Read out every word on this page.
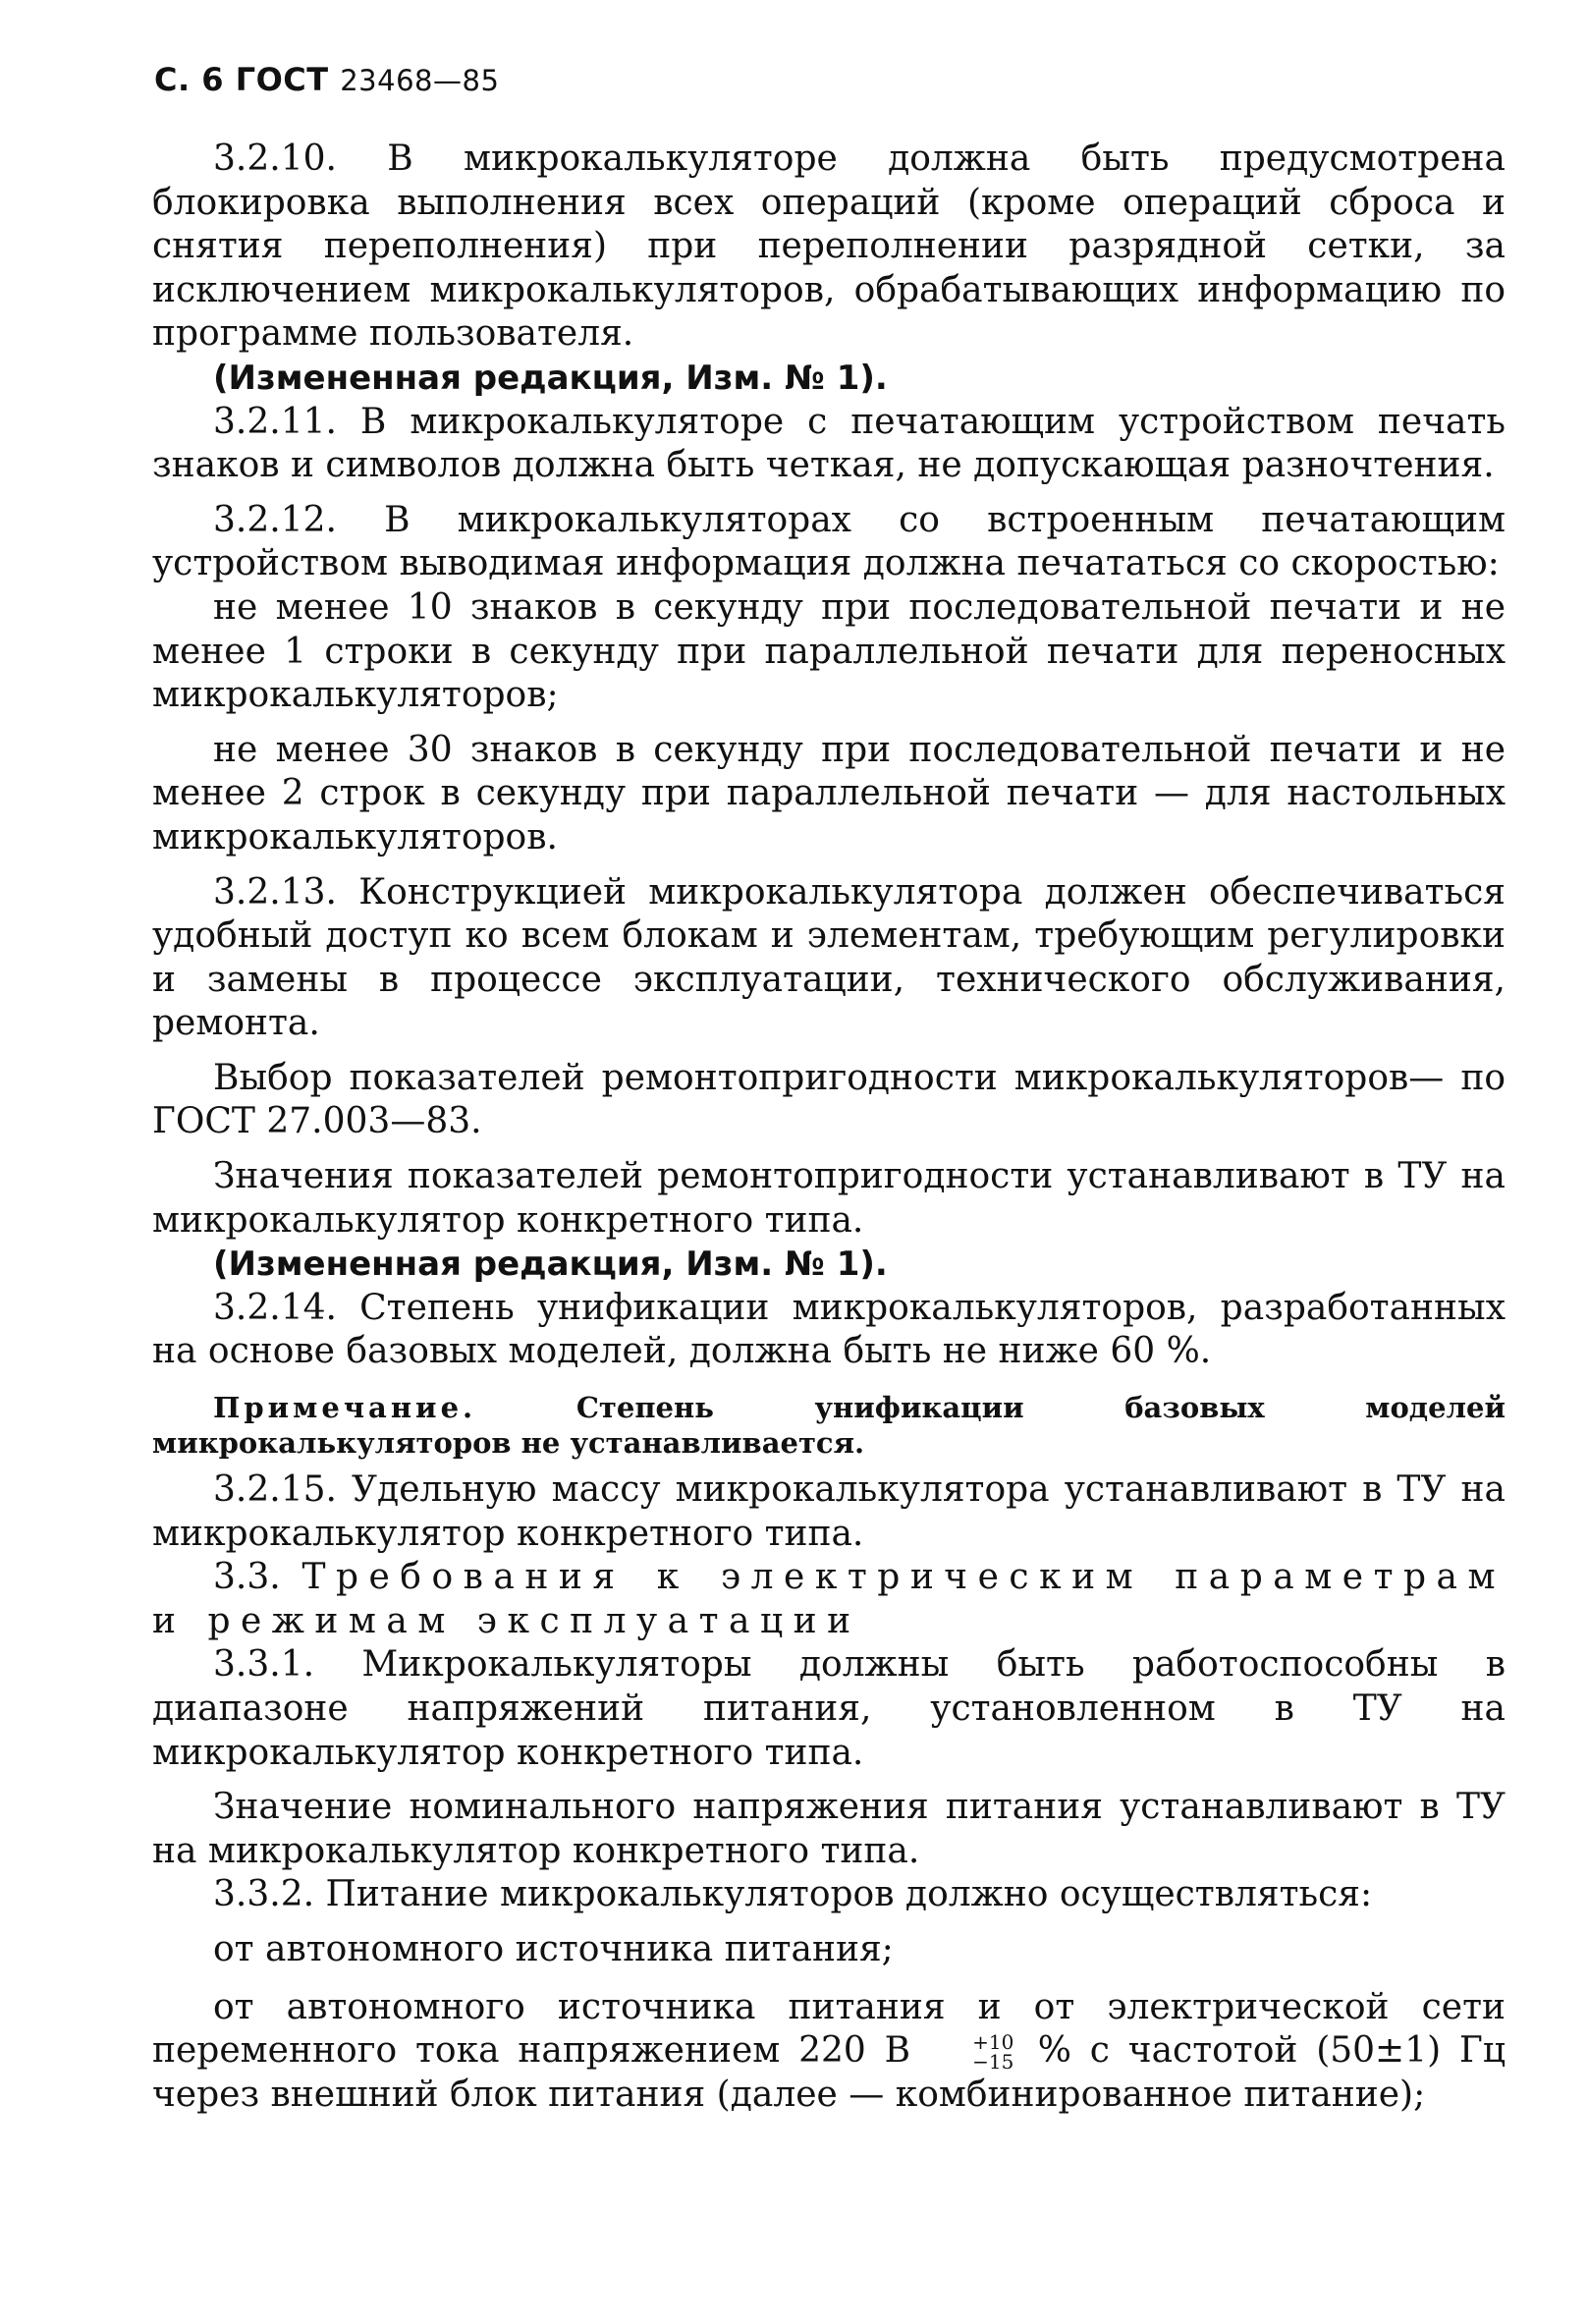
С. 6 ГОСТ 23468—85

3.2.10. В микрокалькуляторе должна быть предусмотрена блокировка выполнения всех операций (кроме операций сброса и снятия переполнения) при переполнении разрядной сетки, за исключением микрокалькуляторов, обрабатывающих информацию по программе пользователя.

(Измененная редакция, Изм. № 1).

3.2.11. В микрокалькуляторе с печатающим устройством печать знаков и символов должна быть четкая, не допускающая разночтения.

3.2.12. В микрокалькуляторах со встроенным печатающим устройством выводимая информация должна печататься со скоростью:

не менее 10 знаков в секунду при последовательной печати и не менее 1 строки в секунду при параллельной печати для переносных микрокалькуляторов;

не менее 30 знаков в секунду при последовательной печати и не менее 2 строк в секунду при параллельной печати — для настольных микрокалькуляторов.

3.2.13. Конструкцией микрокалькулятора должен обеспечиваться удобный доступ ко всем блокам и элементам, требующим регулировки и замены в процессе эксплуатации, технического обслуживания, ремонта.

Выбор показателей ремонтопригодности микрокалькуляторов— по ГОСТ 27.003—83.

Значения показателей ремонтопригодности устанавливают в ТУ на микрокалькулятор конкретного типа.

(Измененная редакция, Изм. № 1).

3.2.14. Степень унификации микрокалькуляторов, разработанных на основе базовых моделей, должна быть не ниже 60 %.

Примечание.	Степень унификации базовых моделей микрокалькуляторов не устанавливается.

3.2.15. Удельную массу микрокалькулятора устанавливают в ТУ на микрокалькулятор конкретного типа.

3.3. Требования к электрическим параметрам и режимам эксплуатации

3.3.1. Микрокалькуляторы должны быть работоспособны в диапазоне напряжений питания, установленном в ТУ на микрокалькулятор конкретного типа.

Значение номинального напряжения питания устанавливают в ТУ на микрокалькулятор конкретного типа.

3.3.2. Питание микрокалькуляторов должно осуществляться:

от автономного источника питания;

от автономного источника питания и от электрической сети переменного тока напряжением 220 В	+10
−15 % с частотой (50±1) Гц через внешний блок питания (далее — комбинированное питание);
